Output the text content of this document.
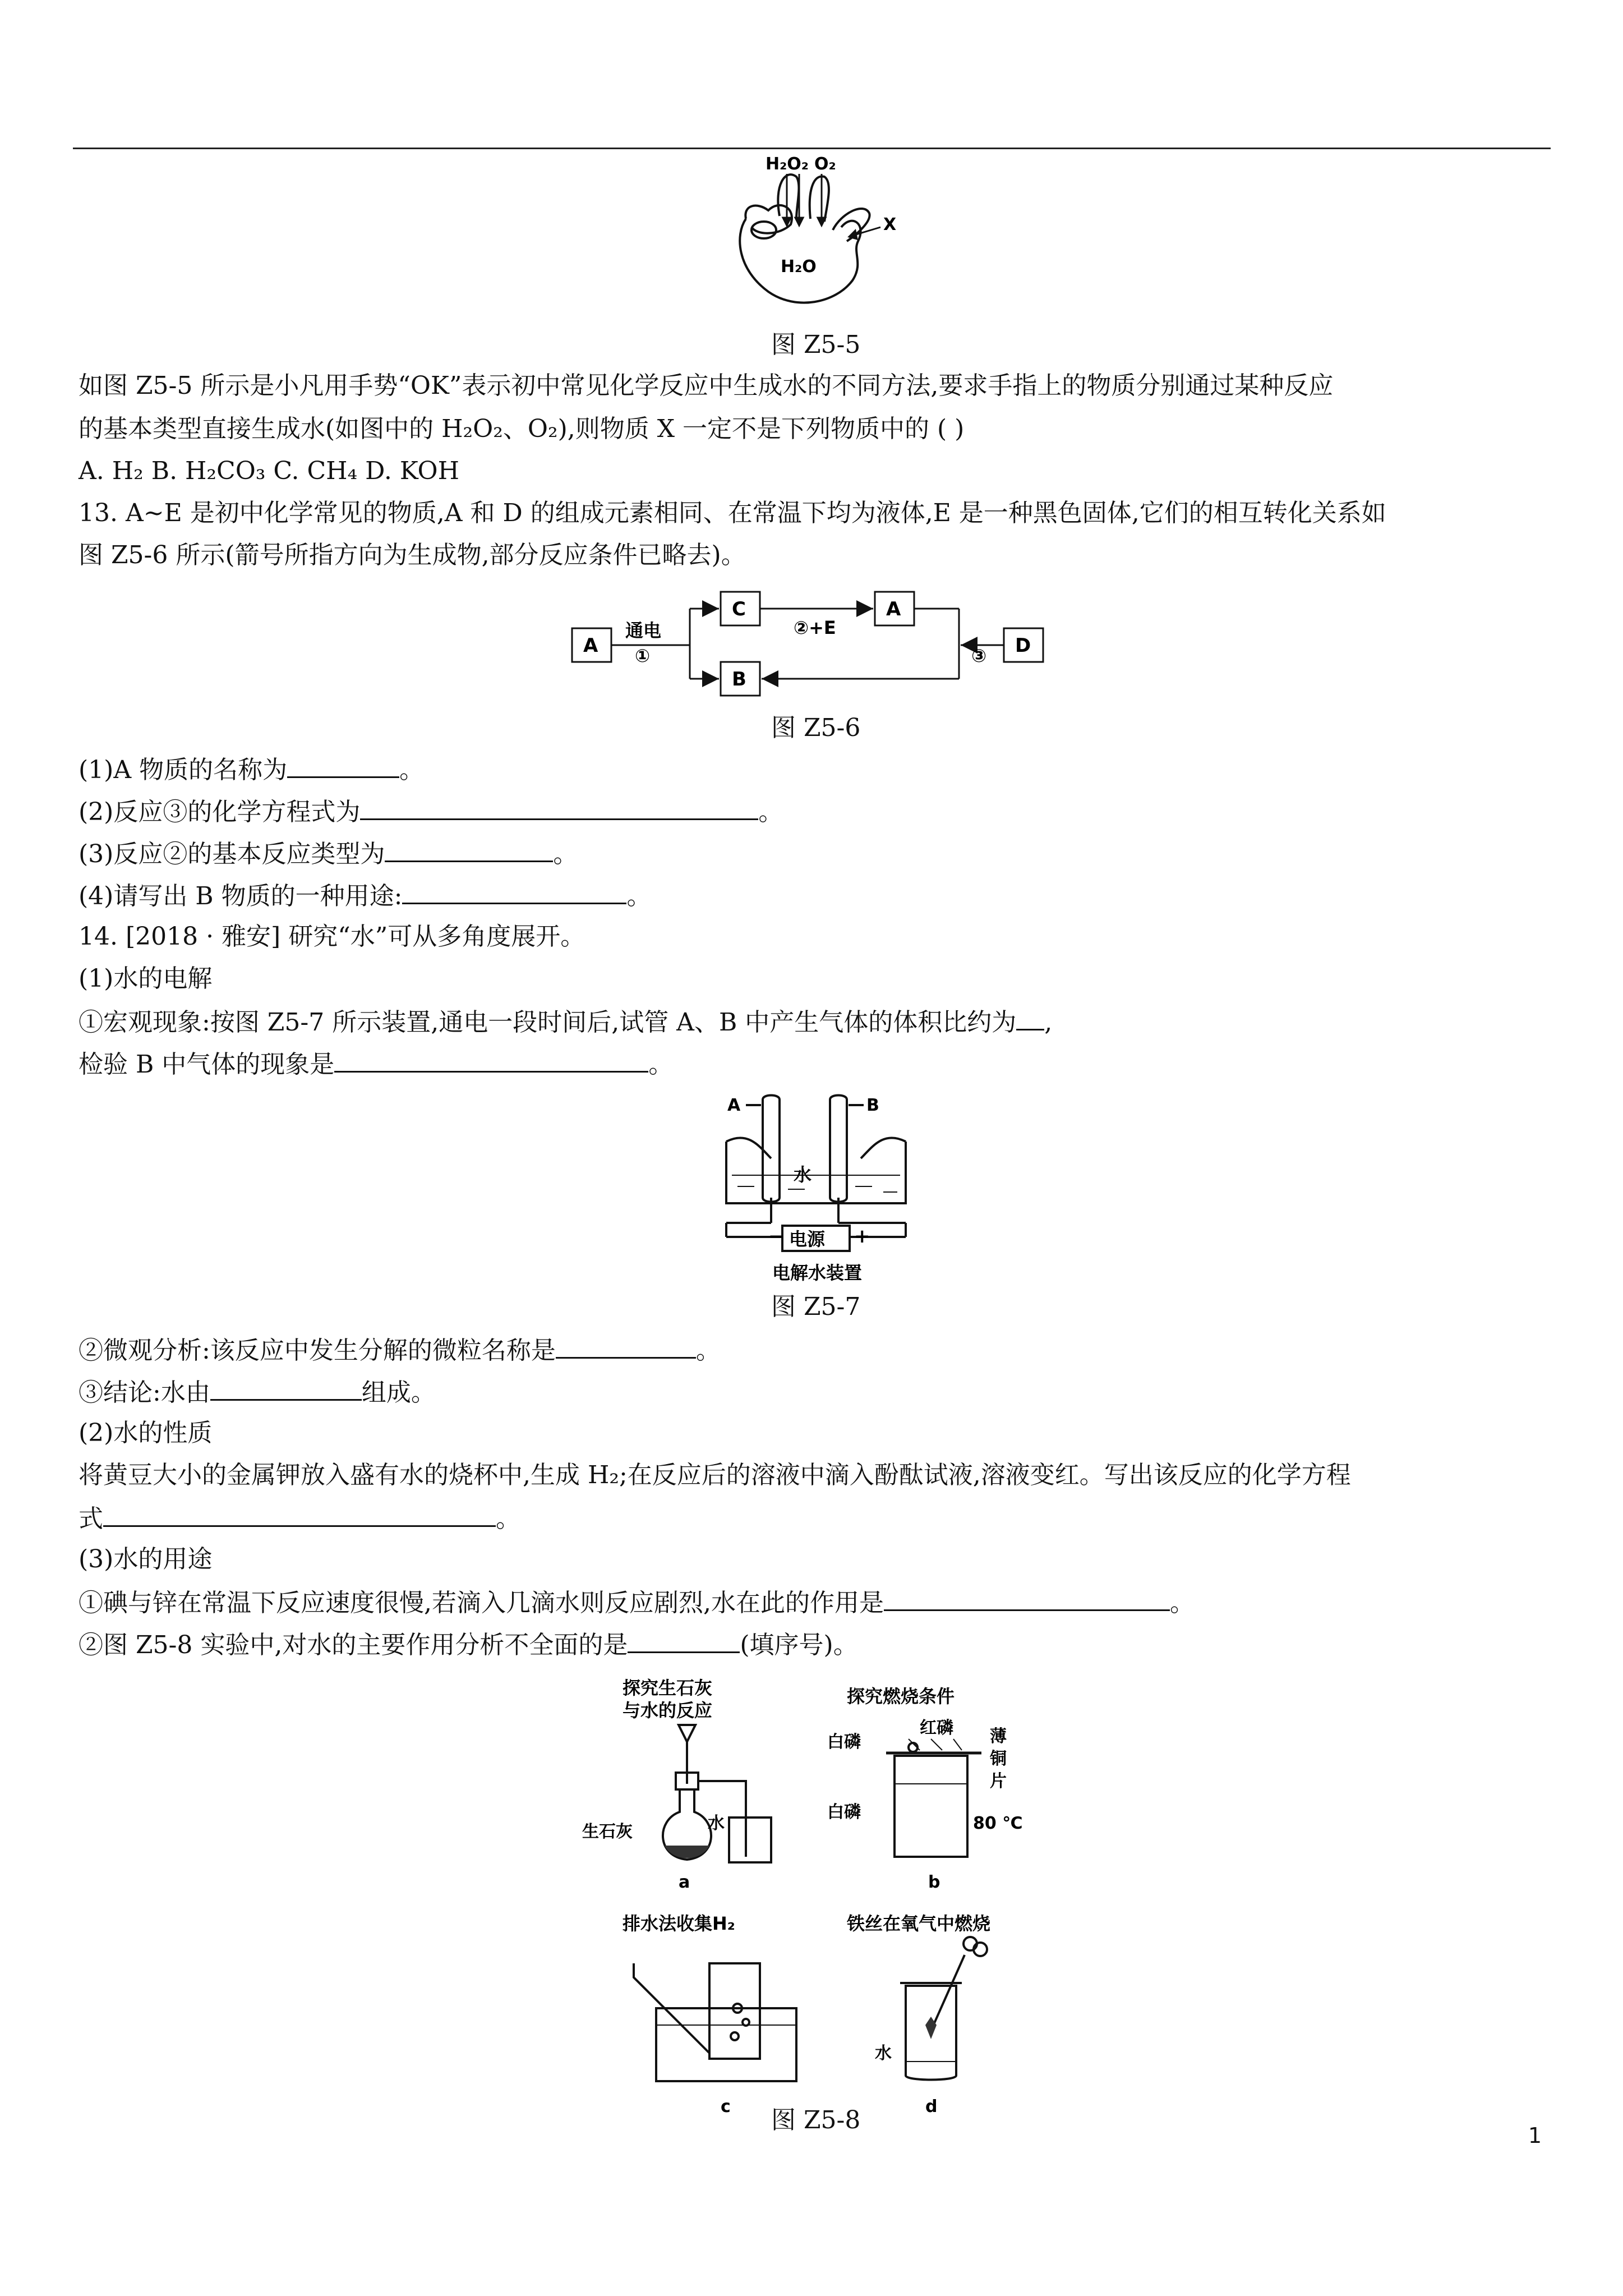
H₂O₂ O₂
X
H₂O
图 Z5-5
如图 Z5-5 所示是小凡用手势“OK”表示初中常见化学反应中生成水的不同方法,要求手指上的物质分别通过某种反应
的基本类型直接生成水(如图中的 H₂O₂、O₂),则物质 X 一定不是下列物质中的 ( )
A. H₂ B. H₂CO₃ C. CH₄ D. KOH
13. A~E 是初中化学常见的物质,A 和 D 的组成元素相同、在常温下均为液体,E 是一种黑色固体,它们的相互转化关系如
图 Z5-6 所示(箭号所指方向为生成物,部分反应条件已略去)。
A
C	A
B
D
通电
①
②+E
③
图 Z5-6
(1)A 物质的名称为	。
(2)反应③的化学方程式为	。
(3)反应②的基本反应类型为	。
(4)请写出 B 物质的一种用途:	。
14. [2018 · 雅安] 研究“水”可从多角度展开。
(1)水的电解
①宏观现象:按图 Z5-7 所示装置,通电一段时间后,试管 A、B 中产生气体的体积比约为 ,
检验 B 中气体的现象是	。
A	B
水
−	+
电源
电解水装置
图 Z5-7
②微观分析:该反应中发生分解的微粒名称是	。
③结论:水由	组成。
(2)水的性质
将黄豆大小的金属钾放入盛有水的烧杯中,生成 H₂;在反应后的溶液中滴入酚酞试液,溶液变红。写出该反应的化学方程
式	。
(3)水的用途
①碘与锌在常温下反应速度很慢,若滴入几滴水则反应剧烈,水在此的作用是	。
②图 Z5-8 实验中,对水的主要作用分析不全面的是	(填序号)。
探究生石灰
与水的反应
探究燃烧条件
排水法收集H₂	铁丝在氧气中燃烧
生石灰	水
a
白磷
红磷 薄
铜
片
白磷
80 ℃
b
c
水
d
图 Z5-8
1
